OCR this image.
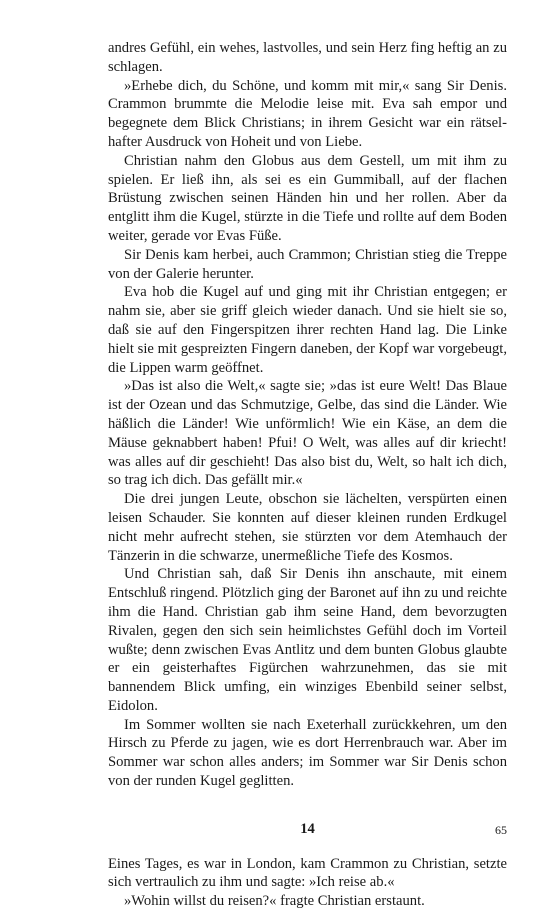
andres Gefühl, ein wehes, lastvolles, und sein Herz fing heftig an zu schlagen.

»Erhebe dich, du Schöne, und komm mit mir,« sang Sir Denis. Crammon brummte die Melodie leise mit. Eva sah empor und begegnete dem Blick Christians; in ihrem Gesicht war ein rätselhafter Ausdruck von Hoheit und von Liebe.

Christian nahm den Globus aus dem Gestell, um mit ihm zu spielen. Er ließ ihn, als sei es ein Gummiball, auf der flachen Brüstung zwischen seinen Händen hin und her rollen. Aber da entglitt ihm die Kugel, stürzte in die Tiefe und rollte auf dem Boden weiter, gerade vor Evas Füße.

Sir Denis kam herbei, auch Crammon; Christian stieg die Treppe von der Galerie herunter.

Eva hob die Kugel auf und ging mit ihr Christian entgegen; er nahm sie, aber sie griff gleich wieder danach. Und sie hielt sie so, daß sie auf den Fingerspitzen ihrer rechten Hand lag. Die Linke hielt sie mit gespreizten Fingern daneben, der Kopf war vorgebeugt, die Lippen warm geöffnet.

»Das ist also die Welt,« sagte sie; »das ist eure Welt! Das Blaue ist der Ozean und das Schmutzige, Gelbe, das sind die Länder. Wie häßlich die Länder! Wie unförmlich! Wie ein Käse, an dem die Mäuse geknabbert haben! Pfui! O Welt, was alles auf dir kriecht! was alles auf dir geschieht! Das also bist du, Welt, so halt ich dich, so trag ich dich. Das gefällt mir.«

Die drei jungen Leute, obschon sie lächelten, verspürten einen leisen Schauder. Sie konnten auf dieser kleinen runden Erdkugel nicht mehr aufrecht stehen, sie stürzten vor dem Atemhauch der Tänzerin in die schwarze, unermeßliche Tiefe des Kosmos.

Und Christian sah, daß Sir Denis ihn anschaute, mit einem Entschluß ringend. Plötzlich ging der Baronet auf ihn zu und reichte ihm die Hand. Christian gab ihm seine Hand, dem bevorzugten Rivalen, gegen den sich sein heimlichstes Gefühl doch im Vorteil wußte; denn zwischen Evas Antlitz und dem bunten Globus glaubte er ein geisterhaftes Figürchen wahrzunehmen, das sie mit bannendem Blick umfing, ein winziges Ebenbild seiner selbst, Eidolon.

Im Sommer wollten sie nach Exeterhall zurückkehren, um den Hirsch zu Pferde zu jagen, wie es dort Herrenbrauch war. Aber im Sommer war schon alles anders; im Sommer war Sir Denis schon von der runden Kugel geglitten.

14

Eines Tages, es war in London, kam Crammon zu Christian, setzte sich vertraulich zu ihm und sagte: »Ich reise ab.«

»Wohin willst du reisen?« fragte Christian erstaunt.

65
